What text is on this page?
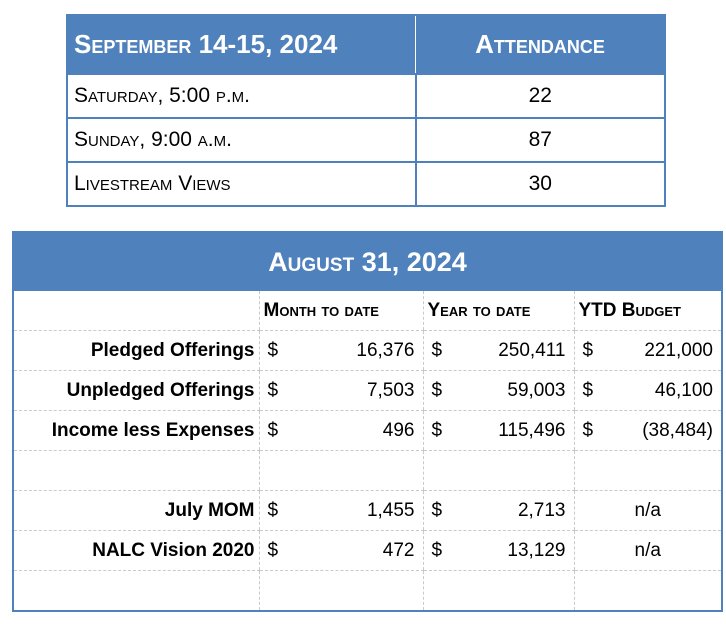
September 14-15, 2024	Attendance
Saturday, 5:00 p.m.	22
Sunday, 9:00 a.m.	87
Livestream Views	30
August 31, 2024
	Month to date	Year to date	YTD Budget
Pledged Offerings	$ 16,376	$ 250,411	$ 221,000

Unpledged Offerings	$ 7,503	$ 59,003	$ 46,100

Income less Expenses	$ 496	$ 115,496	$ (38,484)

July MOM	$ 1,455	$ 2,713	n/a
NALC Vision 2020	$ 472	$ 13,129	n/a
